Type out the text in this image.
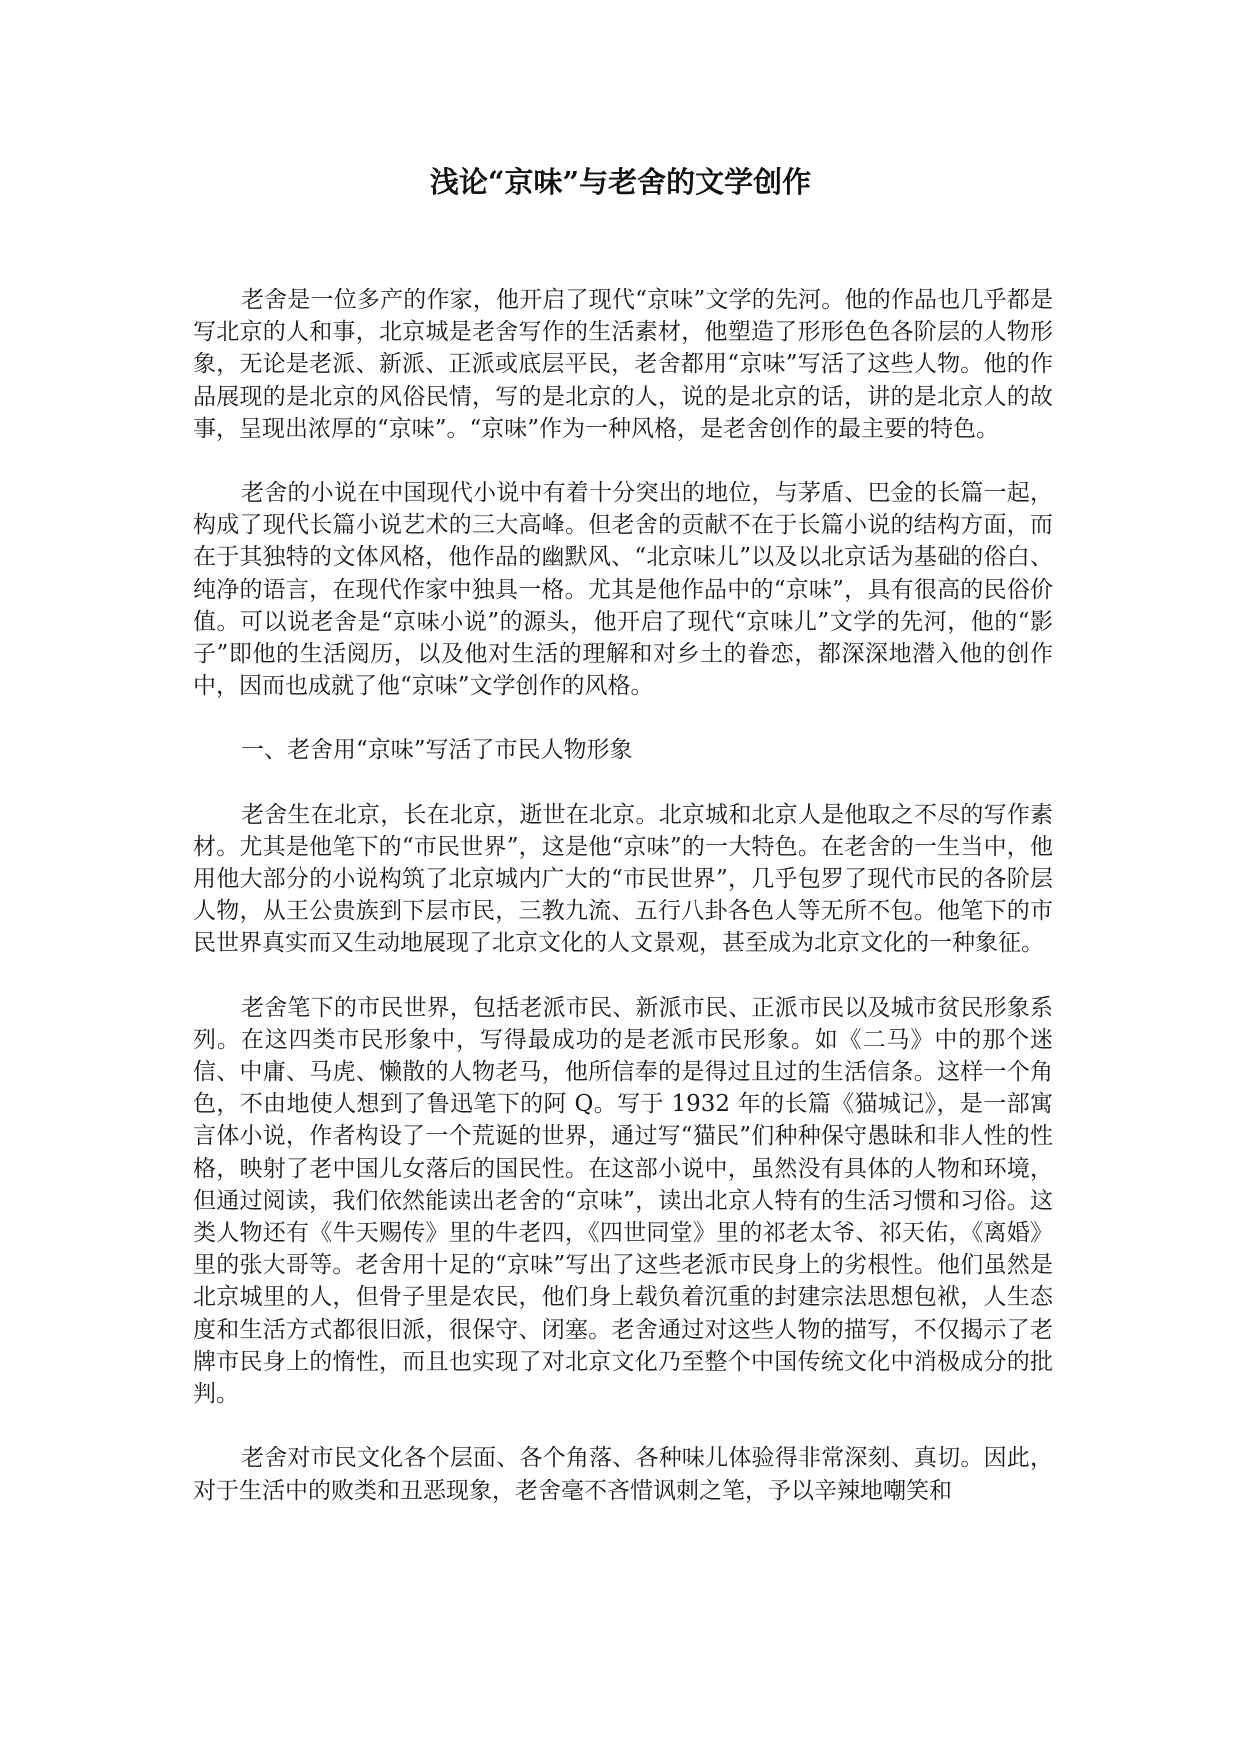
浅论“京味”与老舍的文学创作

老舍是一位多产的作家，他开启了现代“京味”文学的先河。他的作品也几乎都是写北京的人和事，北京城是老舍写作的生活素材，他塑造了形形色色各阶层的人物形象，无论是老派、新派、正派或底层平民，老舍都用“京味”写活了这些人物。他的作品展现的是北京的风俗民情，写的是北京的人，说的是北京的话，讲的是北京人的故事，呈现出浓厚的“京味”。“京味”作为一种风格，是老舍创作的最主要的特色。

老舍的小说在中国现代小说中有着十分突出的地位，与茅盾、巴金的长篇一起，构成了现代长篇小说艺术的三大高峰。但老舍的贡献不在于长篇小说的结构方面，而在于其独特的文体风格，他作品的幽默风、“北京味儿”以及以北京话为基础的俗白、纯净的语言，在现代作家中独具一格。尤其是他作品中的“京味”，具有很高的民俗价值。可以说老舍是“京味小说”的源头，他开启了现代“京味儿”文学的先河，他的“影子”即他的生活阅历，以及他对生活的理解和对乡土的眷恋，都深深地潜入他的创作中，因而也成就了他“京味”文学创作的风格。

一、老舍用“京味”写活了市民人物形象

老舍生在北京，长在北京，逝世在北京。北京城和北京人是他取之不尽的写作素材。尤其是他笔下的“市民世界”，这是他“京味”的一大特色。在老舍的一生当中，他用他大部分的小说构筑了北京城内广大的“市民世界”，几乎包罗了现代市民的各阶层人物，从王公贵族到下层市民，三教九流、五行八卦各色人等无所不包。他笔下的市民世界真实而又生动地展现了北京文化的人文景观，甚至成为北京文化的一种象征。

老舍笔下的市民世界，包括老派市民、新派市民、正派市民以及城市贫民形象系列。在这四类市民形象中，写得最成功的是老派市民形象。如《二马》中的那个迷信、中庸、马虎、懒散的人物老马，他所信奉的是得过且过的生活信条。这样一个角色，不由地使人想到了鲁迅笔下的阿 Q。写于 1932 年的长篇《猫城记》，是一部寓言体小说，作者构设了一个荒诞的世界，通过写“猫民”们种种保守愚昧和非人性的性格，映射了老中国儿女落后的国民性。在这部小说中，虽然没有具体的人物和环境，但通过阅读，我们依然能读出老舍的“京味”，读出北京人特有的生活习惯和习俗。这类人物还有《牛天赐传》里的牛老四，《四世同堂》里的祁老太爷、祁天佑，《离婚》里的张大哥等。老舍用十足的“京味”写出了这些老派市民身上的劣根性。他们虽然是北京城里的人，但骨子里是农民，他们身上载负着沉重的封建宗法思想包袱，人生态度和生活方式都很旧派，很保守、闭塞。老舍通过对这些人物的描写，不仅揭示了老牌市民身上的惰性，而且也实现了对北京文化乃至整个中国传统文化中消极成分的批判。

老舍对市民文化各个层面、各个角落、各种味儿体验得非常深刻、真切。因此，对于生活中的败类和丑恶现象，老舍毫不吝惜讽刺之笔，予以辛辣地嘲笑和
